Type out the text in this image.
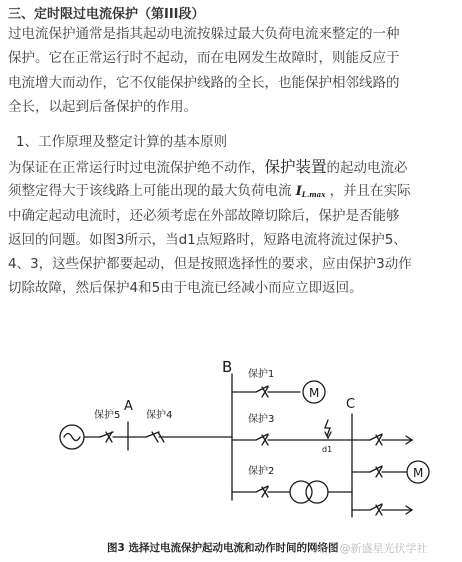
三、定时限过电流保护（第III段）
过电流保护通常是指其起动电流按躲过最大负荷电流来整定的一种
保护。它在正常运行时不起动，而在电网发生故障时，则能反应于
电流增大而动作，它不仅能保护线路的全长，也能保护相邻线路的
全长，以起到后备保护的作用。
1、工作原理及整定计算的基本原则
为保证在正常运行时过电流保护绝不动作，保护装置的起动电流必
须整定得大于该线路上可能出现的最大负荷电流 IL.max ，并且在实际
中确定起动电流时，还必须考虑在外部故障切除后，保护是否能够
返回的问题。如图3所示，当d1点短路时，短路电流将流过保护5、
4、3，这些保护都要起动，但是按照选择性的要求，应由保护3动作
切除故障，然后保护4和5由于电流已经减小而应立即返回。
A
B
C
保护5	保护4
保护1
保护3
保护2
M
M
d1
图3 选择过电流保护起动电流和动作时间的网络图
知乎 @新盛星光伏学社
